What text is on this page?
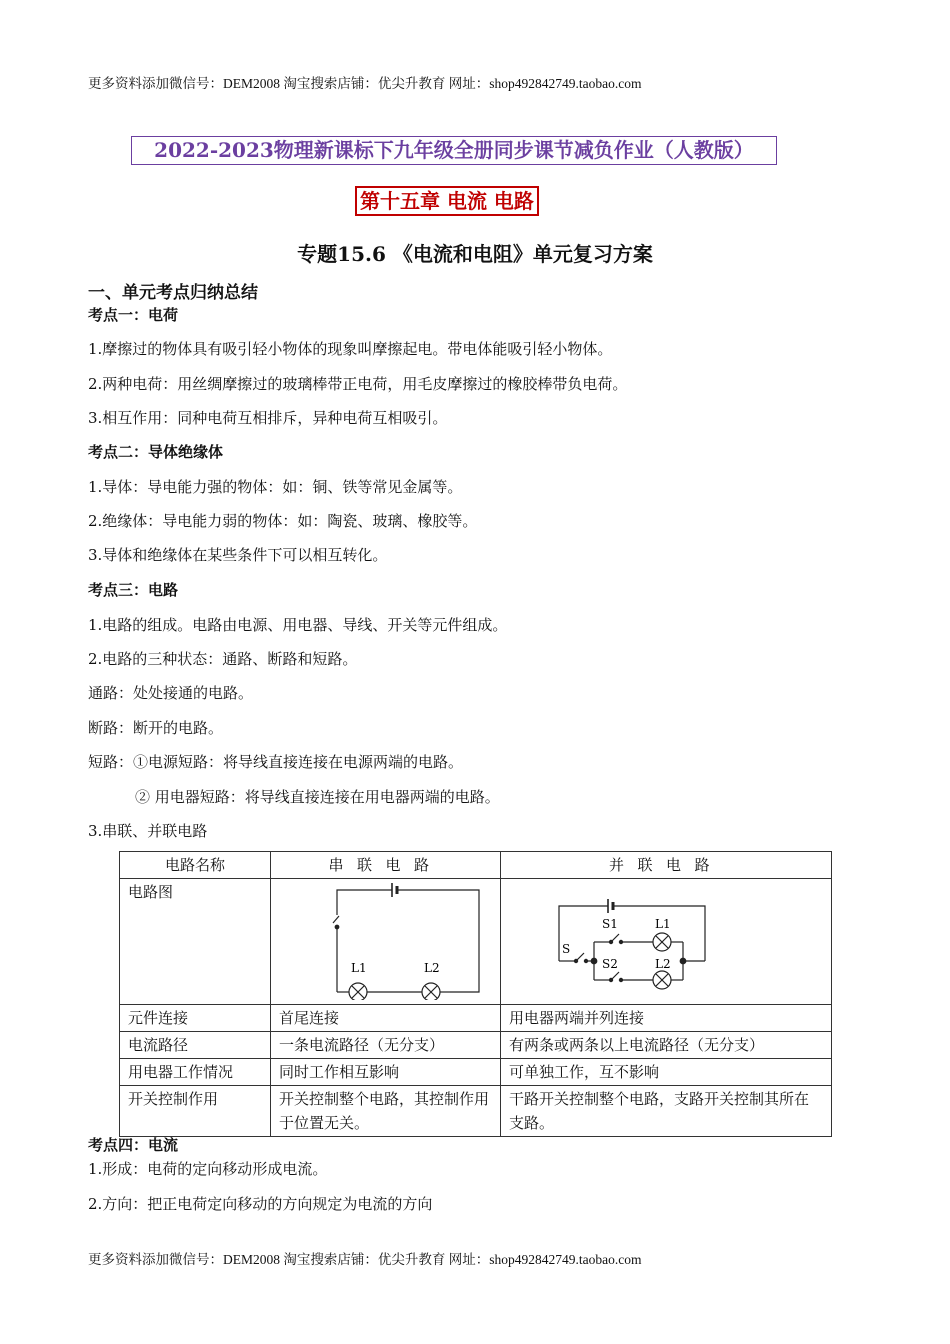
更多资料添加微信号：DEM2008 淘宝搜索店铺：优尖升教育 网址：shop492842749.taobao.com
2022-2023物理新课标下九年级全册同步课节减负作业（人教版）
第十五章 电流 电路
专题15.6 《电流和电阻》单元复习方案
一、单元考点归纳总结
考点一：电荷
1.摩擦过的物体具有吸引轻小物体的现象叫摩擦起电。带电体能吸引轻小物体。
2.两种电荷：用丝绸摩擦过的玻璃棒带正电荷，用毛皮摩擦过的橡胶棒带负电荷。
3.相互作用：同种电荷互相排斥，异种电荷互相吸引。
考点二：导体绝缘体
1.导体：导电能力强的物体：如：铜、铁等常见金属等。
2.绝缘体：导电能力弱的物体：如：陶瓷、玻璃、橡胶等。
3.导体和绝缘体在某些条件下可以相互转化。
考点三：电路
1.电路的组成。电路由电源、用电器、导线、开关等元件组成。
2.电路的三种状态：通路、断路和短路。
通路：处处接通的电路。
断路：断开的电路。
短路：①电源短路：将导线直接连接在电源两端的电路。
② 用电器短路：将导线直接连接在用电器两端的电路。
3.串联、并联电路
电路名称	串联电路	并联电路
电路图	L1 L2	S
S1
S2
L1
L2

元件连接	首尾连接	用电器两端并列连接
电流路径	一条电流路径（无分支）	有两条或两条以上电流路径（无分支）
用电器工作情况	同时工作相互影响	可单独工作，互不影响
开关控制作用	开关控制整个电路，其控制作用于位置无关。	干路开关控制整个电路，支路开关控制其所在支路。
考点四：电流
1.形成：电荷的定向移动形成电流。
2.方向：把正电荷定向移动的方向规定为电流的方向
更多资料添加微信号：DEM2008 淘宝搜索店铺：优尖升教育 网址：shop492842749.taobao.com
